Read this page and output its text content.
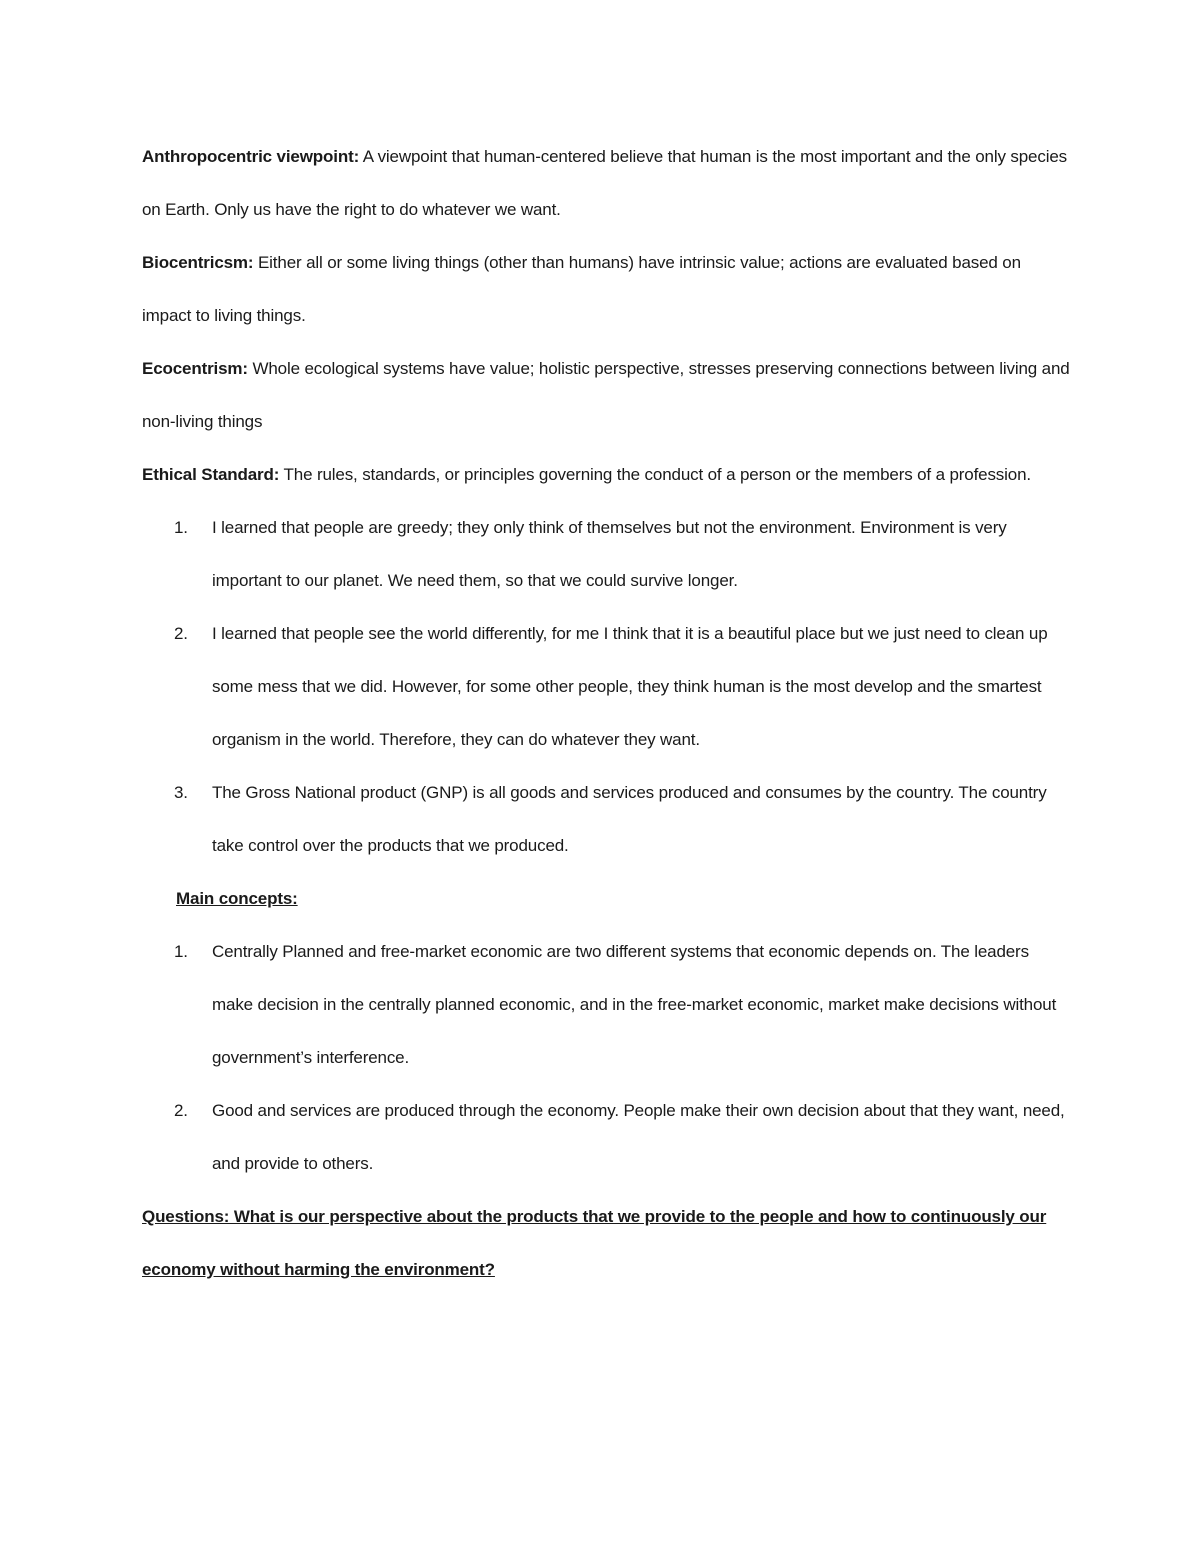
Anthropocentric viewpoint: A viewpoint that human-centered believe that human is the most important and the only species on Earth. Only us have the right to do whatever we want.

Biocentricsm: Either all or some living things (other than humans) have intrinsic value; actions are evaluated based on impact to living things.

Ecocentrism: Whole ecological systems have value; holistic perspective, stresses preserving connections between living and non-living things

Ethical Standard: The rules, standards, or principles governing the conduct of a person or the members of a profession.

1. I learned that people are greedy; they only think of themselves but not the environment. Environment is very important to our planet. We need them, so that we could survive longer.
2. I learned that people see the world differently, for me I think that it is a beautiful place but we just need to clean up some mess that we did. However, for some other people, they think human is the most develop and the smartest organism in the world. Therefore, they can do whatever they want.
3. The Gross National product (GNP) is all goods and services produced and consumes by the country. The country take control over the products that we produced.

Main concepts:

1. Centrally Planned and free-market economic are two different systems that economic depends on. The leaders make decision in the centrally planned economic, and in the free-market economic, market make decisions without government’s interference.
2. Good and services are produced through the economy. People make their own decision about that they want, need, and provide to others.

Questions: What is our perspective about the products that we provide to the people and how to continuously our economy without harming the environment?
